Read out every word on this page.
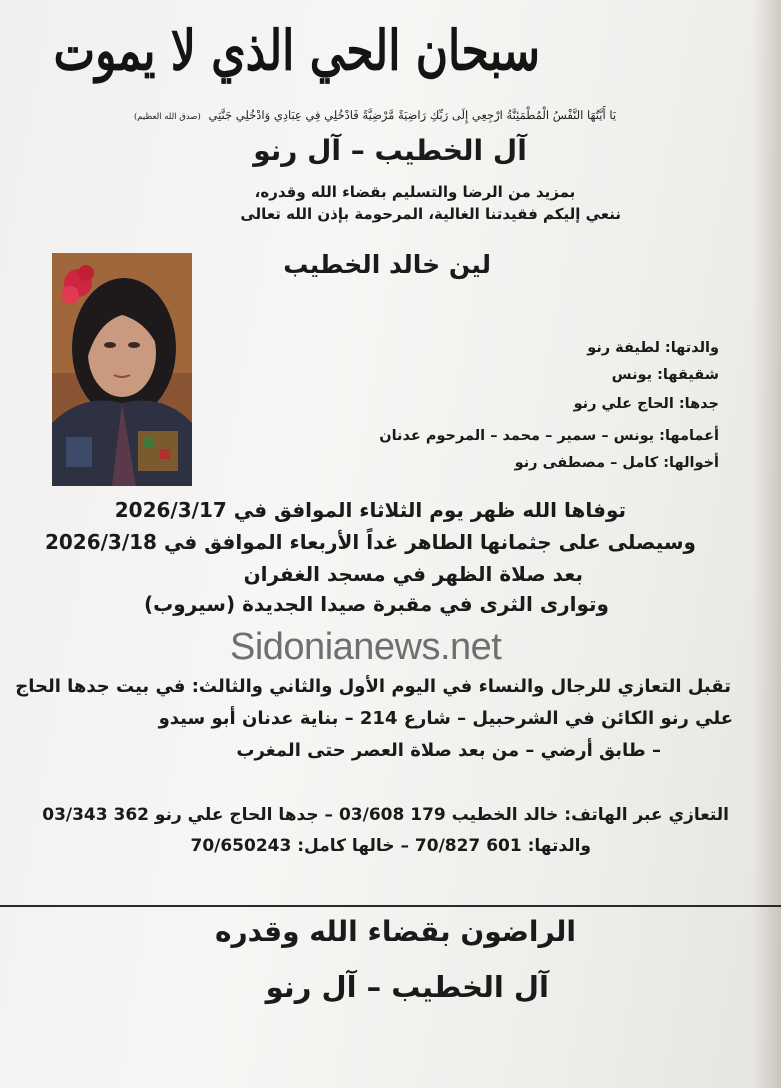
سبحان الحي الذي لا يموت
يَا أَيَّتُهَا النَّفْسُ الْمُطْمَئِنَّةُ ارْجِعِي إِلَى رَبِّكِ رَاضِيَةً مَّرْضِيَّةً فَادْخُلِي فِي عِبَادِي وَادْخُلِي جَنَّتِي (صدق الله العظيم)
آل الخطيب – آل رنو
بمزيد من الرضا والتسليم بقضاء الله وقدره،
ننعي إليكم فقيدتنا الغالية، المرحومة بإذن الله تعالى
لين خالد الخطيب
والدتها: لطيفة رنو
شقيقها: يونس
جدها: الحاج علي رنو
أعمامها: يونس – سمير – محمد – المرحوم عدنان
أخوالها: كامل – مصطفى رنو
توفاها الله ظهر يوم الثلاثاء الموافق في 2026/3/17
وسيصلى على جثمانها الطاهر غداً الأربعاء الموافق في 2026/3/18
بعد صلاة الظهر في مسجد الغفران
وتوارى الثرى في مقبرة صيدا الجديدة (سيروب)
Sidonianews.net
تقبل التعازي للرجال والنساء في اليوم الأول والثاني والثالث: في بيت جدها الحاج
علي رنو الكائن في الشرحبيل – شارع 214 – بناية عدنان أبو سيدو
– طابق أرضي – من بعد صلاة العصر حتى المغرب
التعازي عبر الهاتف: خالد الخطيب 179 03/608 – جدها الحاج علي رنو 362 03/343
والدتها: 601 70/827 – خالها كامل: 70/650243
الراضون بقضاء الله وقدره
آل الخطيب – آل رنو
